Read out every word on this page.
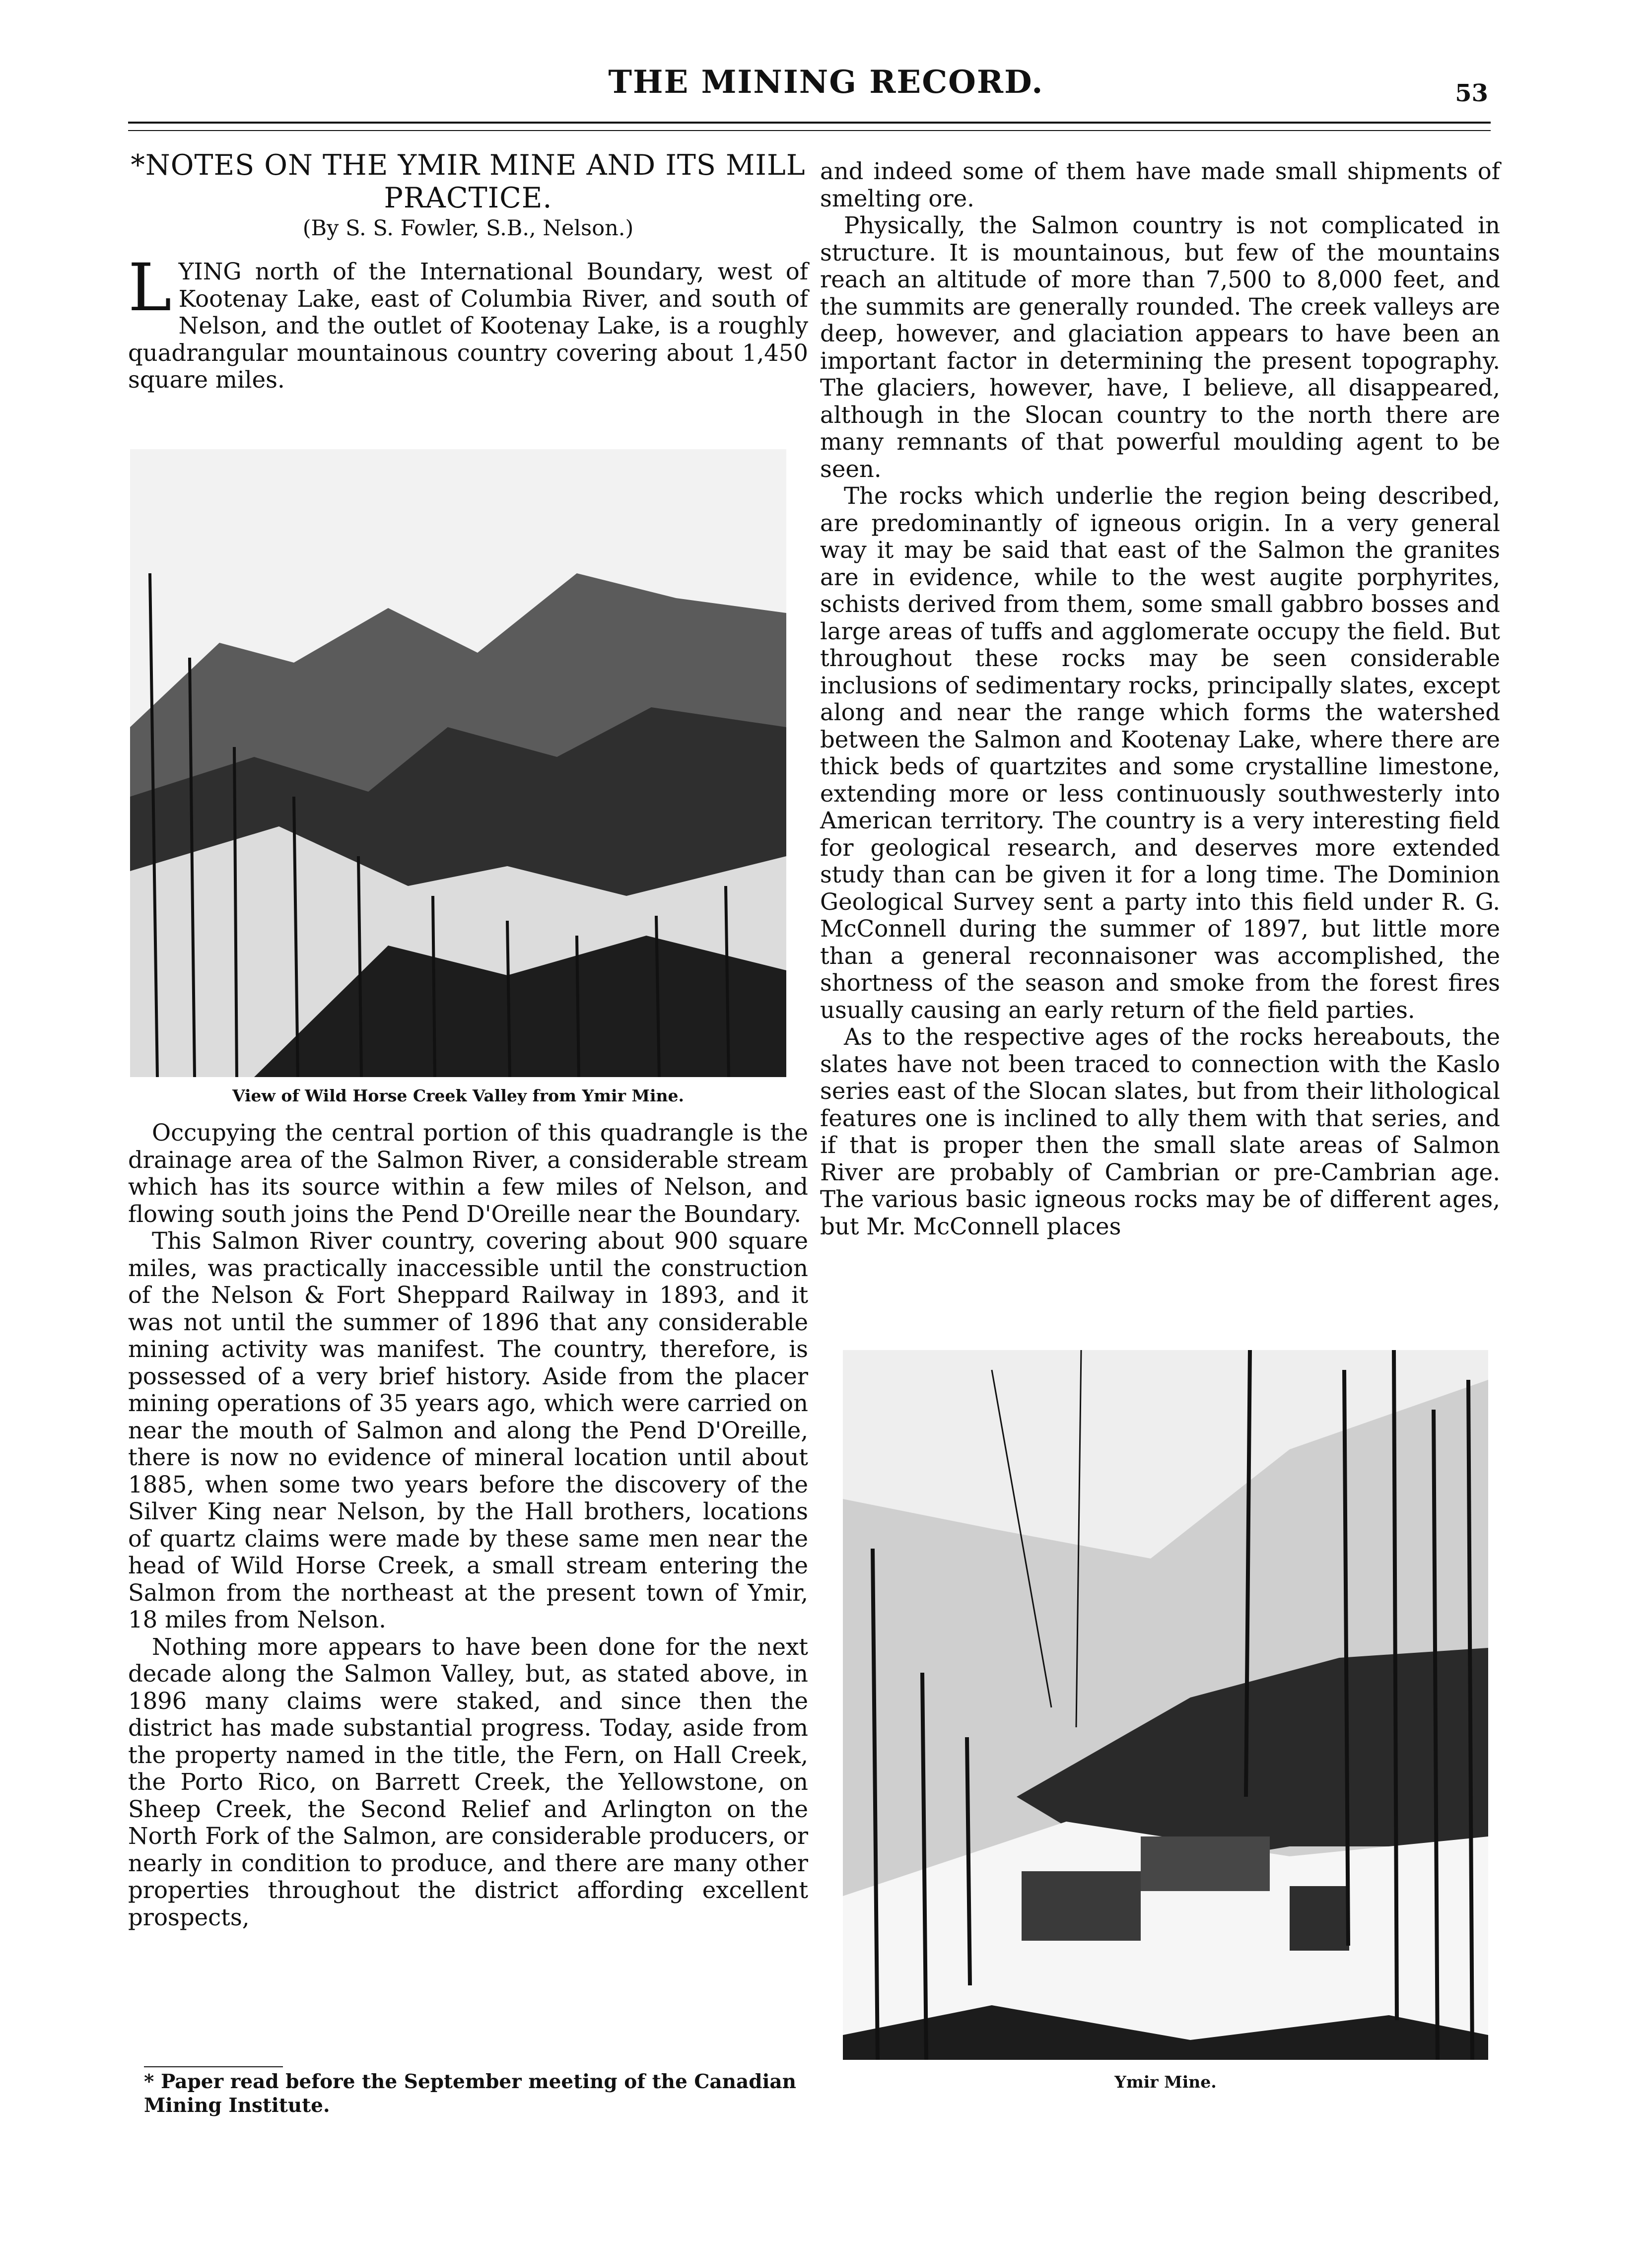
THE MINING RECORD.	53
*NOTES ON THE YMIR MINE AND ITS MILL
PRACTICE.
(By S. S. Fowler, S.B., Nelson.)

LYING north of the International Boundary, west of Kootenay Lake, east of Columbia River, and south of Nelson, and the outlet of Kootenay Lake, is a roughly quadrangular mountainous country covering about 1,450 square miles.

View of Wild Horse Creek Valley from Ymir Mine.

Occupying the central portion of this quadrangle is the drainage area of the Salmon River, a considerable stream which has its source within a few miles of Nelson, and flowing south joins the Pend D'Oreille near the Boundary.

This Salmon River country, covering about 900 square miles, was practically inaccessible until the construction of the Nelson & Fort Sheppard Railway in 1893, and it was not until the summer of 1896 that any considerable mining activity was manifest. The country, therefore, is possessed of a very brief history. Aside from the placer mining operations of 35 years ago, which were carried on near the mouth of Salmon and along the Pend D'Oreille, there is now no evidence of mineral location until about 1885, when some two years before the discovery of the Silver King near Nelson, by the Hall brothers, locations of quartz claims were made by these same men near the head of Wild Horse Creek, a small stream entering the Salmon from the northeast at the present town of Ymir, 18 miles from Nelson.

Nothing more appears to have been done for the next decade along the Salmon Valley, but, as stated above, in 1896 many claims were staked, and since then the district has made substantial progress. Today, aside from the property named in the title, the Fern, on Hall Creek, the Porto Rico, on Barrett Creek, the Yellowstone, on Sheep Creek, the Second Relief and Arlington on the North Fork of the Salmon, are considerable producers, or nearly in condition to produce, and there are many other properties throughout the district affording excellent prospects,

* Paper read before the September meeting of the Canadian Mining Institute.

and indeed some of them have made small shipments of smelting ore.

Physically, the Salmon country is not complicated in structure. It is mountainous, but few of the mountains reach an altitude of more than 7,500 to 8,000 feet, and the summits are generally rounded. The creek valleys are deep, however, and glaciation appears to have been an important factor in determining the present topography. The glaciers, however, have, I believe, all disappeared, although in the Slocan country to the north there are many remnants of that powerful moulding agent to be seen.

The rocks which underlie the region being described, are predominantly of igneous origin. In a very general way it may be said that east of the Salmon the granites are in evidence, while to the west augite porphyrites, schists derived from them, some small gabbro bosses and large areas of tuffs and agglomerate occupy the field. But throughout these rocks may be seen considerable inclusions of sedimentary rocks, principally slates, except along and near the range which forms the watershed between the Salmon and Kootenay Lake, where there are thick beds of quartzites and some crystalline limestone, extending more or less continuously southwesterly into American territory. The country is a very interesting field for geological research, and deserves more extended study than can be given it for a long time. The Dominion Geological Survey sent a party into this field under R. G. McConnell during the summer of 1897, but little more than a general reconnaisoner was accomplished, the shortness of the season and smoke from the forest fires usually causing an early return of the field parties.

As to the respective ages of the rocks hereabouts, the slates have not been traced to connection with the Kaslo series east of the Slocan slates, but from their lithological features one is inclined to ally them with that series, and if that is proper then the small slate areas of Salmon River are probably of Cambrian or pre-Cambrian age. The various basic igneous rocks may be of different ages, but Mr. McConnell places

Ymir Mine.
